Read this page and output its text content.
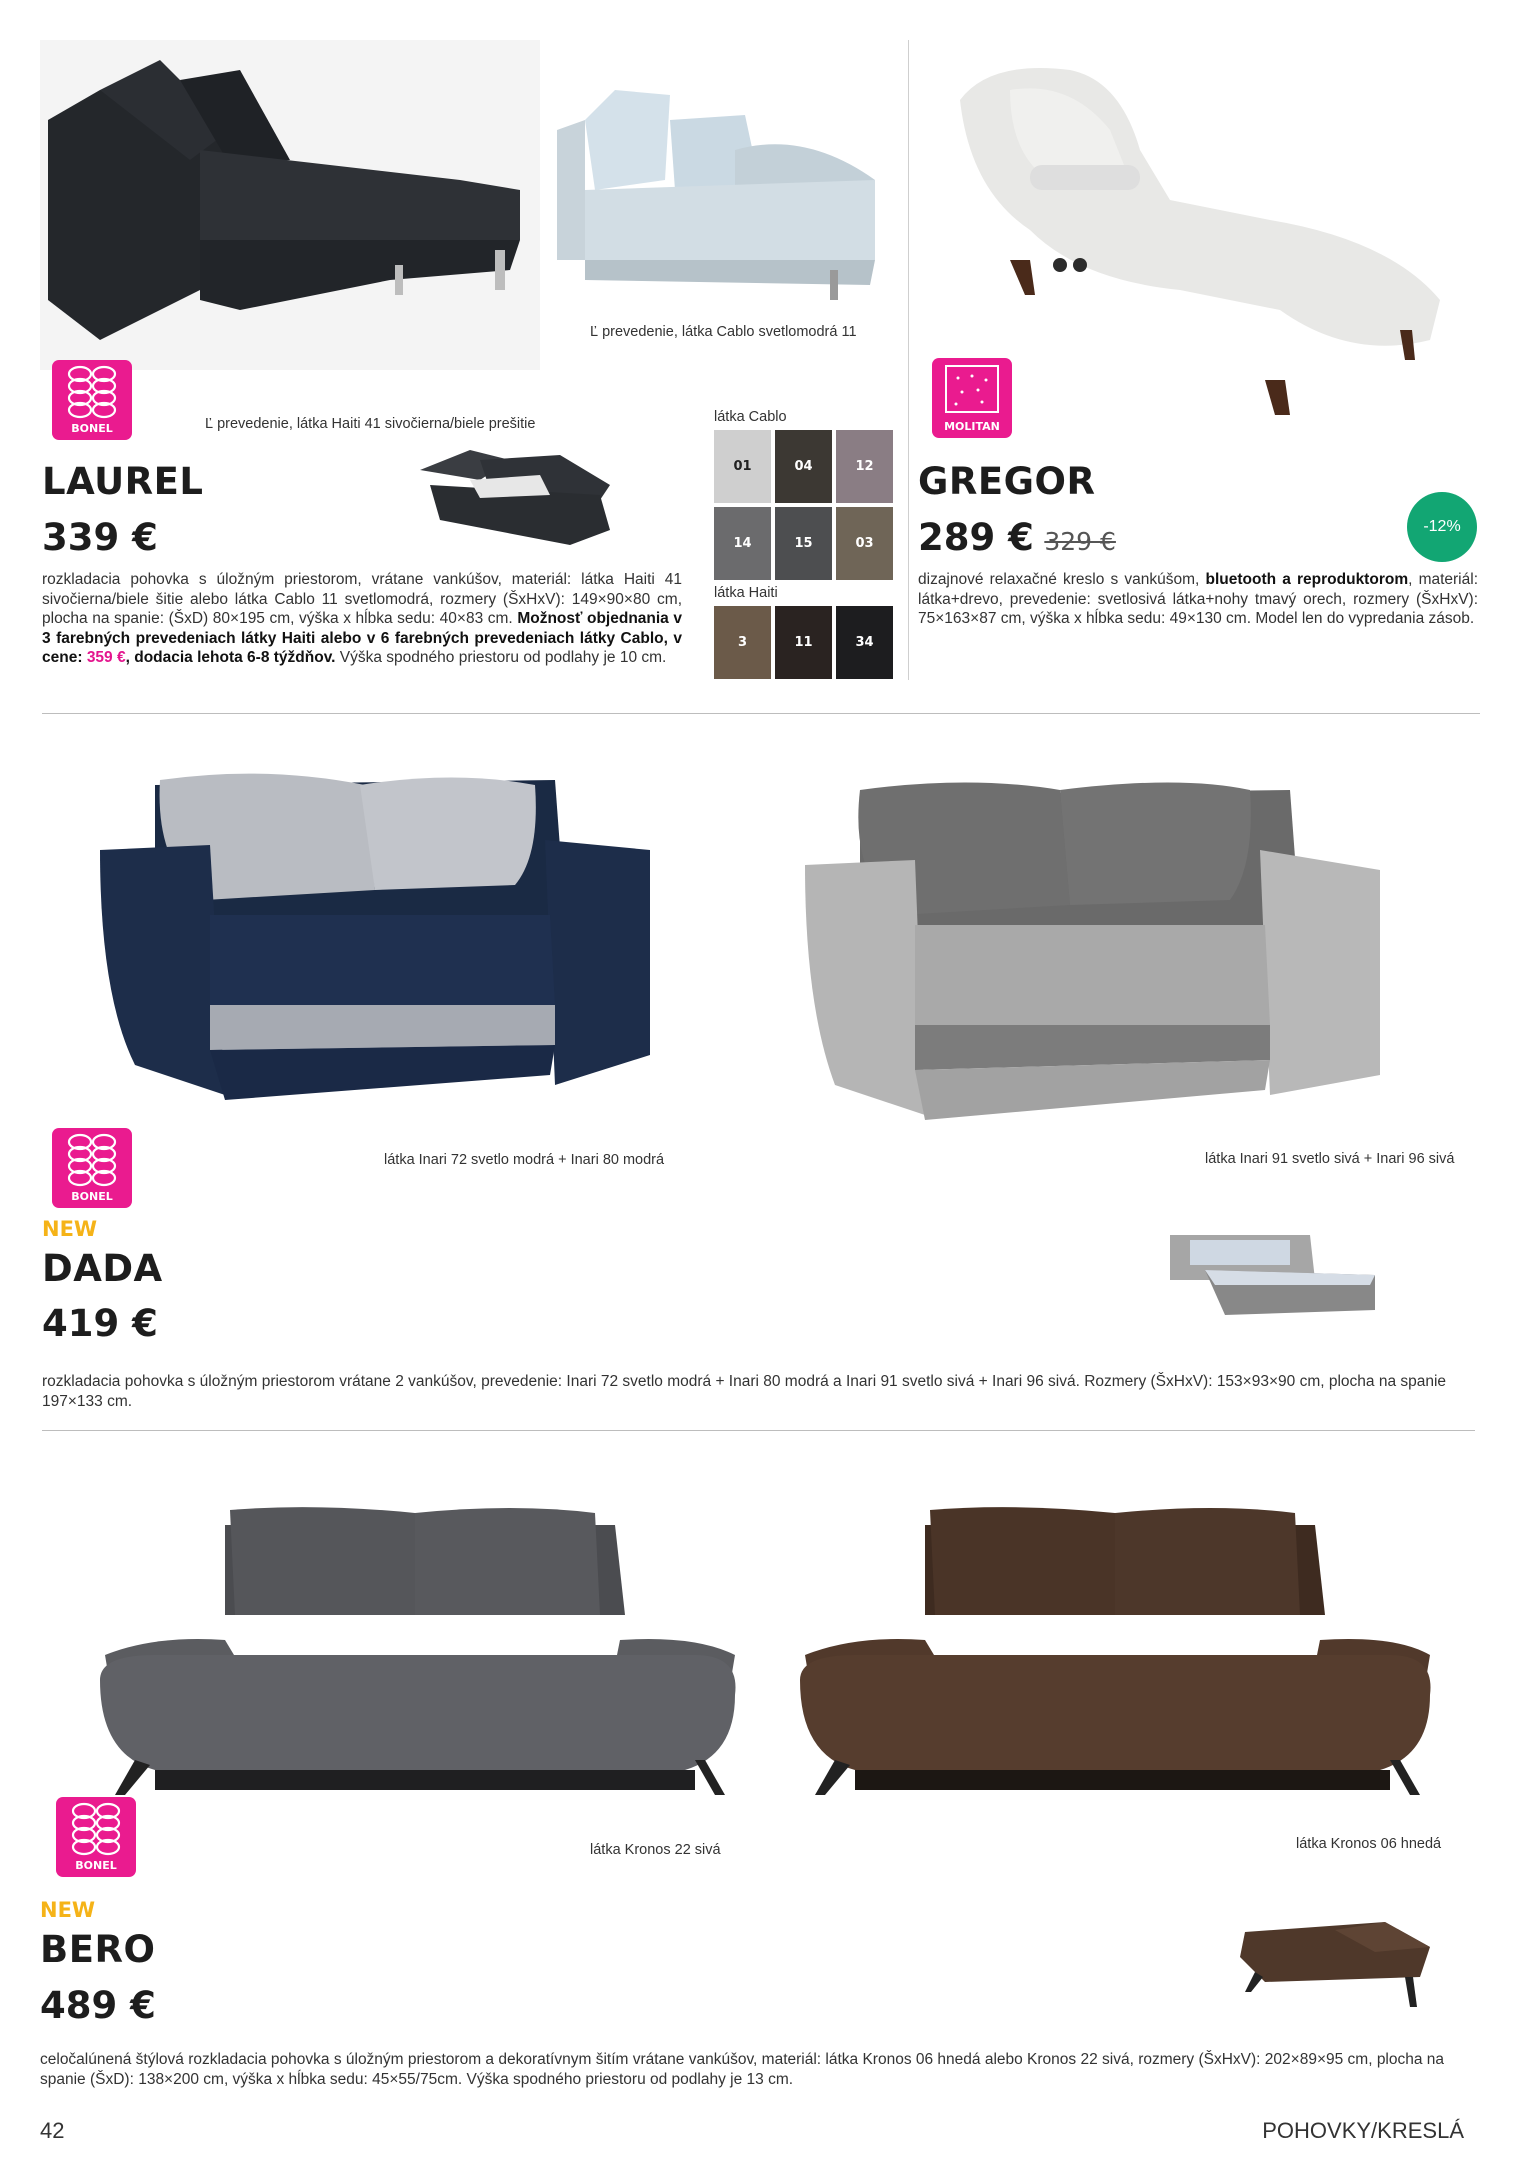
Ľ prevedenie, látka Cablo svetlomodrá 11
BONEL	Ľ prevedenie, látka Haiti 41 sivočierna/biele prešitie
LAUREL
339 €
rozkladacia pohovka s úložným priestorom, vrátane vankúšov, materiál: látka Haiti 41 sivočierna/biele šitie alebo látka Cablo 11 svetlomodrá, rozmery (ŠxHxV): 149×90×80 cm, plocha na spanie: (ŠxD) 80×195 cm, výška x hĺbka sedu: 40×83 cm. Možnosť objednania v 3 farebných prevedeniach látky Haiti alebo v 6 farebných prevedeniach látky Cablo, v cene: 359 €, dodacia lehota 6-8 týždňov. Výška spodného priestoru od podlahy je 10 cm.
látka Cablo
01	04	12
14	15	03
látka Haiti
3	11	34
MOLITAN
GREGOR
289 € 329 €
-12%
dizajnové relaxačné kreslo s vankúšom, bluetooth a reproduktorom, materiál: látka+drevo, prevedenie: svetlosivá látka+nohy tmavý orech, rozmery (ŠxHxV): 75×163×87 cm, výška x hĺbka sedu: 49×130 cm. Model len do vypredania zásob.
BONEL
látka Inari 72 svetlo modrá + Inari 80 modrá	látka Inari 91 svetlo sivá + Inari 96 sivá
NEW
DADA
419 €
rozkladacia pohovka s úložným priestorom vrátane 2 vankúšov, prevedenie: Inari 72 svetlo modrá + Inari 80 modrá a Inari 91 svetlo sivá + Inari 96 sivá. Rozmery (ŠxHxV): 153×93×90 cm, plocha na spanie 197×133 cm.
BONEL
látka Kronos 22 sivá	látka Kronos 06 hnedá
NEW
BERO
489 €
celočalúnená štýlová rozkladacia pohovka s úložným priestorom a dekoratívnym šitím vrátane vankúšov, materiál: látka Kronos 06 hnedá alebo Kronos 22 sivá, rozmery (ŠxHxV): 202×89×95 cm, plocha na spanie (ŠxD): 138×200 cm, výška x hĺbka sedu: 45×55/75cm. Výška spodného priestoru od podlahy je 13 cm.
42	POHOVKY/KRESLÁ
